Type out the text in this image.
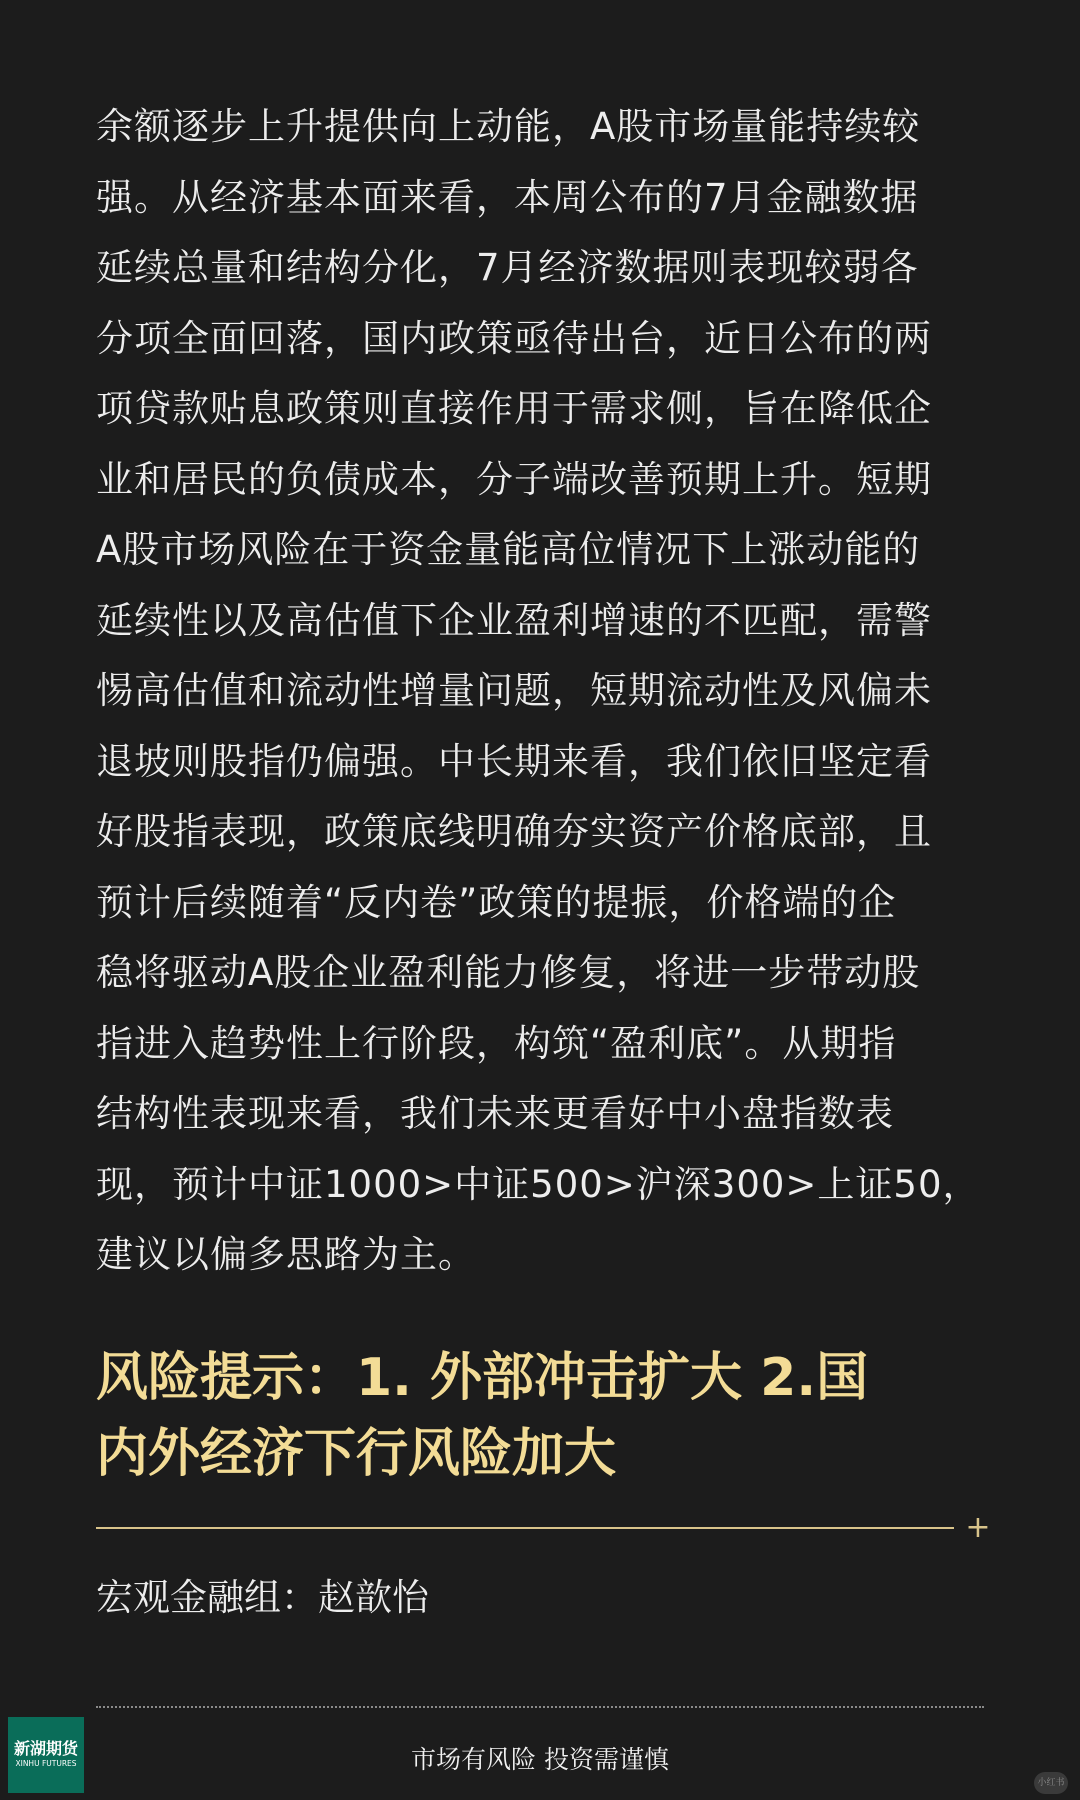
余额逐步上升提供向上动能，A股市场量能持续较
强。从经济基本面来看，本周公布的7月金融数据
延续总量和结构分化，7月经济数据则表现较弱各
分项全面回落，国内政策亟待出台，近日公布的两
项贷款贴息政策则直接作用于需求侧，旨在降低企
业和居民的负债成本，分子端改善预期上升。短期
A股市场风险在于资金量能高位情况下上涨动能的
延续性以及高估值下企业盈利增速的不匹配，需警
惕高估值和流动性增量问题，短期流动性及风偏未
退坡则股指仍偏强。中长期来看，我们依旧坚定看
好股指表现，政策底线明确夯实资产价格底部，且
预计后续随着“反内卷”政策的提振，价格端的企
稳将驱动A股企业盈利能力修复，将进一步带动股
指进入趋势性上行阶段，构筑“盈利底”。从期指
结构性表现来看，我们未来更看好中小盘指数表
现，预计中证1000>中证500>沪深300>上证50，
建议以偏多思路为主。
风险提示：1. 外部冲击扩大 2.国
内外经济下行风险加大
+
宏观金融组：赵歆怡
新湖期货
XINHU FUTURES	市场有风险 投资需谨慎
小红书
